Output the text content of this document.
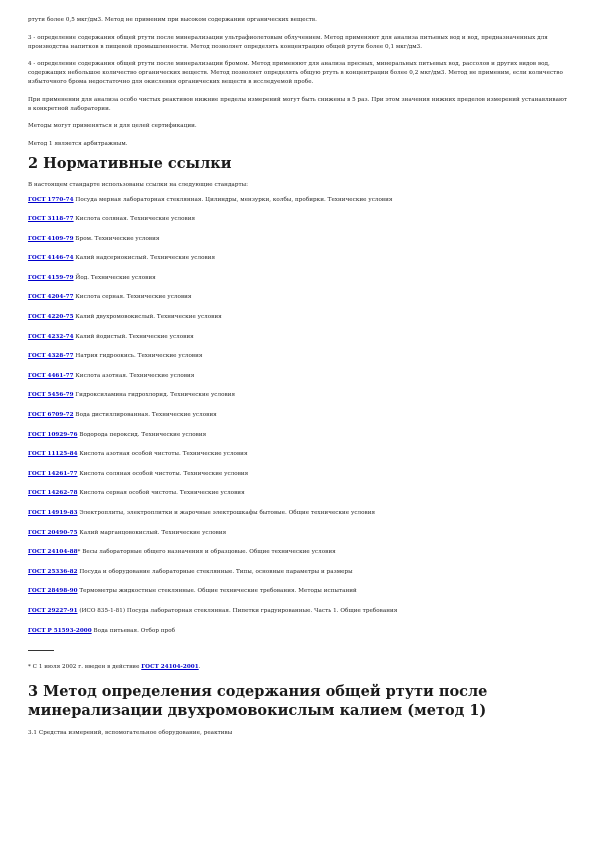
ртути более 0,5 мкг/дм3. Метод не применим при высоком содержании органических веществ.

3 - определение содержания общей ртути после минерализации ультрафиолетовым облучением. Метод применяют для анализа питьевых вод и вод, предназначенных для производства напитков в пищевой промышленности. Метод позволяет определять концентрацию общей ртути более 0,1 мкг/дм3.

4 - определение содержания общей ртути после минерализации бромом. Метод применяют для анализа пресных, минеральных питьевых вод, рассолов и других видов вод, содержащих небольшое количество органических веществ. Метод позволяет определять общую ртуть в концентрации более 0,2 мкг/дм3. Метод не применим, если количество избыточного брома недостаточно для окисления органических веществ в исследуемой пробе.

При применении для анализа особо чистых реактивов нижние пределы измерений могут быть снижены в 5 раз. При этом значения нижних пределов измерений устанавливают в конкретной лаборатории.

Методы могут применяться и для целей сертификации.

Метод 1 является арбитражным.

2 Нормативные ссылки

В настоящем стандарте использованы ссылки на следующие стандарты:

ГОСТ 1770-74 Посуда мерная лабораторная стеклянная. Цилиндры, мензурки, колбы, пробирки. Технические условия

ГОСТ 3118-77 Кислота соляная. Технические условия

ГОСТ 4109-79 Бром. Технические условия

ГОСТ 4146-74 Калий надсернокислый. Технические условия

ГОСТ 4159-79 Йод. Технические условия

ГОСТ 4204-77 Кислота серная. Технические условия

ГОСТ 4220-75 Калий двухромовокислый. Технические условия

ГОСТ 4232-74 Калий йодистый. Технические условия

ГОСТ 4328-77 Натрия гидроокись. Технические условия

ГОСТ 4461-77 Кислота азотная. Технические условия

ГОСТ 5456-79 Гидроксиламина гидрохлорид. Технические условия

ГОСТ 6709-72 Вода дистиллированная. Технические условия

ГОСТ 10929-76 Водорода пероксид. Технические условия

ГОСТ 11125-84 Кислота азотная особой чистоты. Технические условия

ГОСТ 14261-77 Кислота соляная особой чистоты. Технические условия

ГОСТ 14262-78 Кислота серная особой чистоты. Технические условия

ГОСТ 14919-83 Электроплиты, электроплитки и жарочные электрошкафы бытовые. Общие технические условия

ГОСТ 20490-75 Калий марганцовокислый. Технические условия

ГОСТ 24104-88* Весы лабораторные общего назначения и образцовые. Общие технические условия

ГОСТ 25336-82 Посуда и оборудование лабораторные стеклянные. Типы, основные параметры и размеры

ГОСТ 28498-90 Термометры жидкостные стеклянные. Общие технические требования. Методы испытаний

ГОСТ 29227-91 (ИСО 835-1-81) Посуда лабораторная стеклянная. Пипетки градуированные. Часть 1. Общие требования

ГОСТ Р 51593-2000 Вода питьевая. Отбор проб

* С 1 июля 2002 г. введен в действие ГОСТ 24104-2001.

3 Метод определения содержания общей ртути после минерализации двухромовокислым калием (метод 1)

3.1 Средства измерений, вспомогательное оборудование, реактивы
